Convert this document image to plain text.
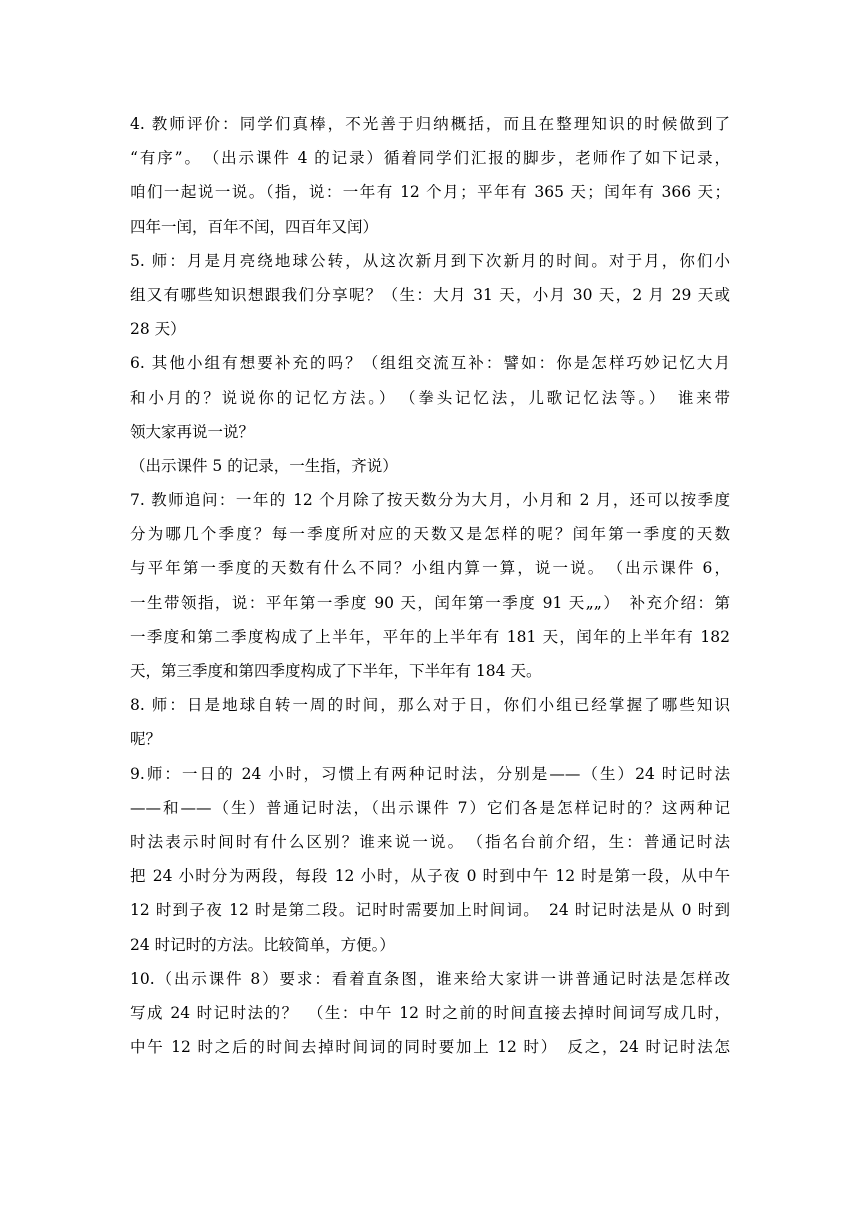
4. 教师评价：同学们真棒，不光善于归纳概括，而且在整理知识的时候做到了
“有序”。　（出示课件 4 的记录）循着同学们汇报的脚步，老师作了如下记录，
咱们一起说一说。（指，说：一年有 12 个月；平年有 365 天；闰年有 366 天；
四年一闰，百年不闰，四百年又闰）
5. 师：月是月亮绕地球公转，从这次新月到下次新月的时间。对于月，你们小
组又有哪些知识想跟我们分享呢？（生：大月 31 天，小月 30 天，2 月 29 天或
28 天）
6. 其他小组有想要补充的吗？（组组交流互补：譬如：你是怎样巧妙记忆大月
和小月的？说说你的记忆方法。）　（拳头记忆法，儿歌记忆法等。）　谁来带
领大家再说一说？
（出示课件 5 的记录，一生指，齐说）
7. 教师追问：一年的 12 个月除了按天数分为大月，小月和 2 月，还可以按季度
分为哪几个季度？每一季度所对应的天数又是怎样的呢？闰年第一季度的天数
与平年第一季度的天数有什么不同？小组内算一算，说一说。　（出示课件 6，
一生带领指，说：平年第一季度 90 天，闰年第一季度 91 天„„）　补充介绍：第
一季度和第二季度构成了上半年，平年的上半年有 181 天，闰年的上半年有 182
天，第三季度和第四季度构成了下半年，下半年有 184 天。
8. 师：日是地球自转一周的时间，那么对于日，你们小组已经掌握了哪些知识
呢？
9.师：一日的 24 小时，习惯上有两种记时法，分别是——（生）24 时记时法
——和——（生）普通记时法，（出示课件 7）它们各是怎样记时的？这两种记
时法表示时间时有什么区别？谁来说一说。　（指名台前介绍，生：普通记时法
把 24 小时分为两段，每段 12 小时，从子夜 0 时到中午 12 时是第一段，从中午
12 时到子夜 12 时是第二段。记时时需要加上时间词。　24 时记时法是从 0 时到
24 时记时的方法。比较简单，方便。）
10.（出示课件 8）要求：看着直条图，谁来给大家讲一讲普通记时法是怎样改
写成 24 时记时法的？　（生：中午 12 时之前的时间直接去掉时间词写成几时，
中午 12 时之后的时间去掉时间词的同时要加上 12 时）　反之，24 时记时法怎
